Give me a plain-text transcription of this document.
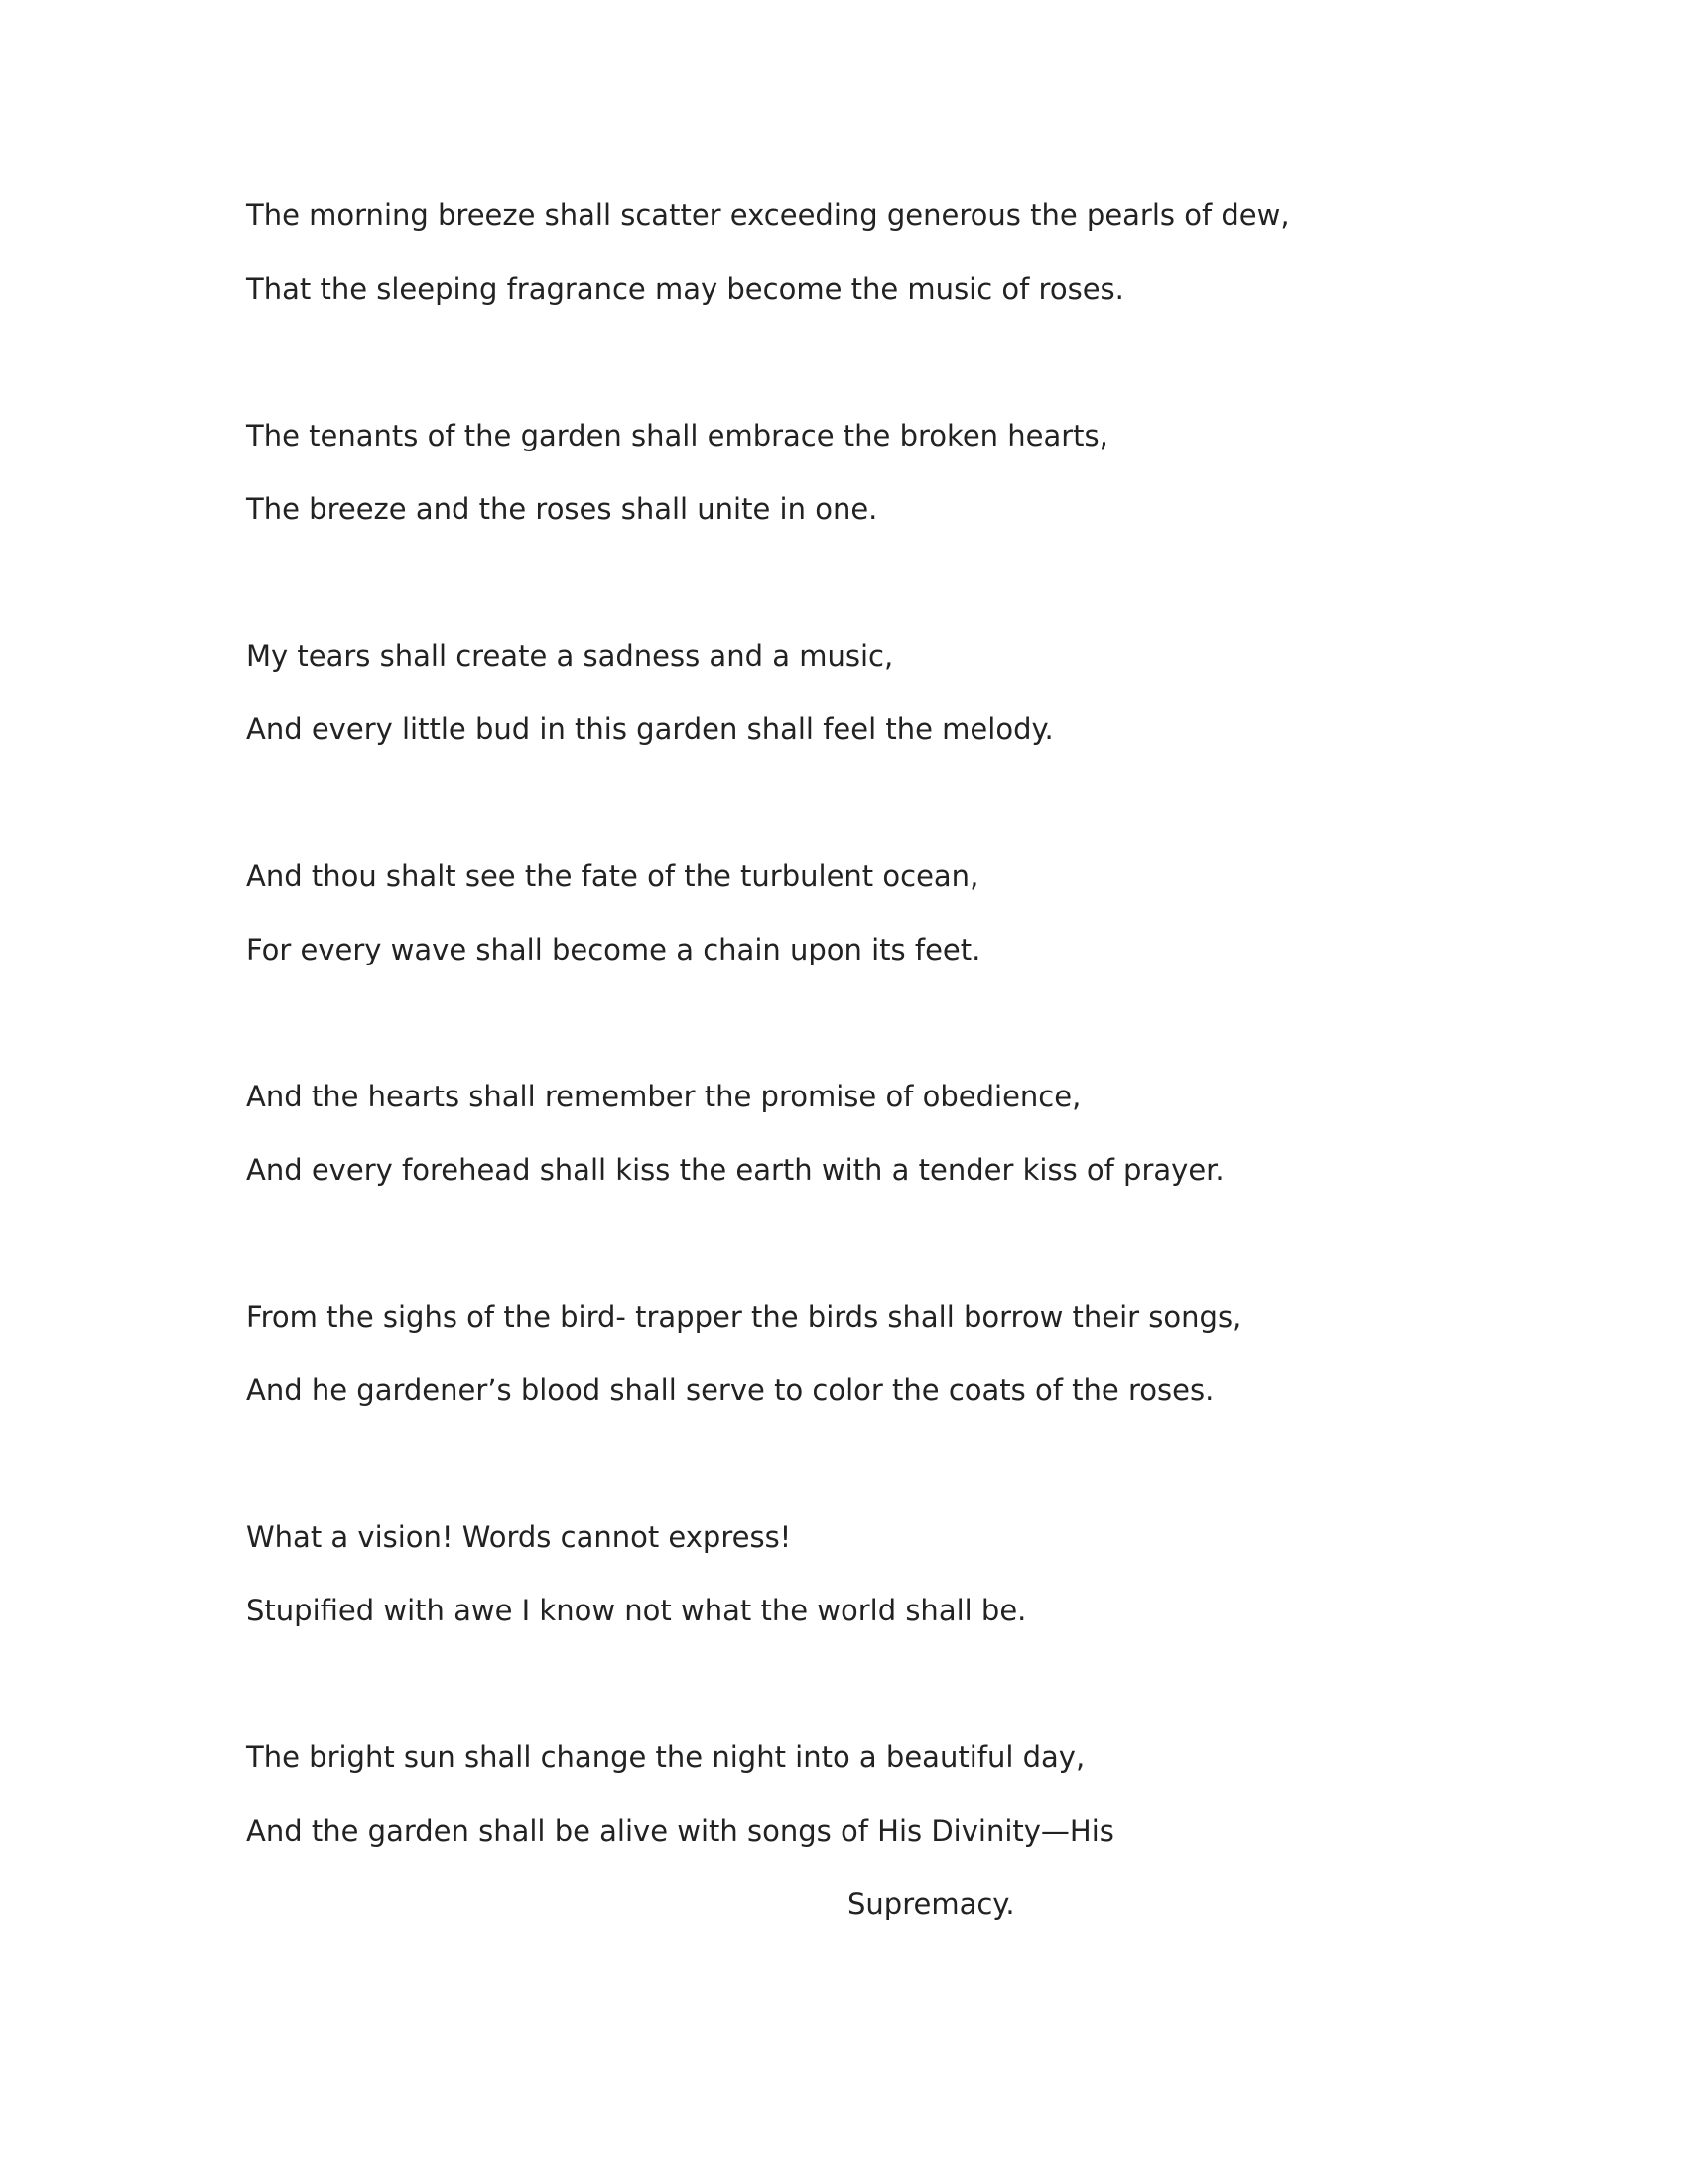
The morning breeze shall scatter exceeding generous the pearls of dew,
That the sleeping fragrance may become the music of roses.
The tenants of the garden shall embrace the broken hearts,
The breeze and the roses shall unite in one.
My tears shall create a sadness and a music,
And every little bud in this garden shall feel the melody.
And thou shalt see the fate of the turbulent ocean,
For every wave shall become a chain upon its feet.
And the hearts shall remember the promise of obedience,
And every forehead shall kiss the earth with a tender kiss of prayer.
From the sighs of the bird- trapper the birds shall borrow their songs,
And he gardener’s blood shall serve to color the coats of the roses.
What a vision! Words cannot express!
Stupified with awe I know not what the world shall be.
The bright sun shall change the night into a beautiful day,
And the garden shall be alive with songs of His Divinity—His
Supremacy.
